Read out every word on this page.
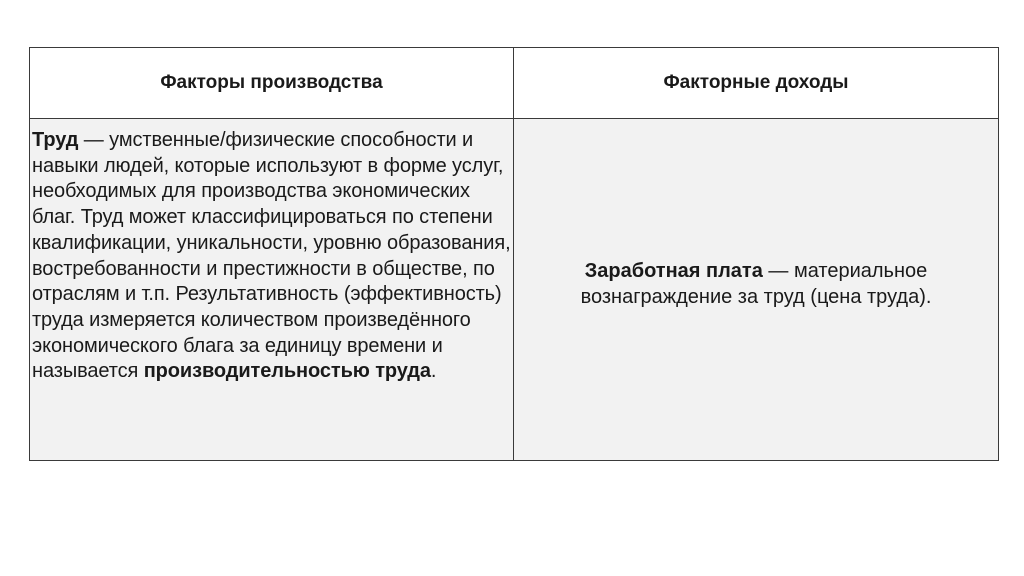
Факторы производства	Факторные доходы
Труд — умственные/физические способности и навыки людей, которые используют в форме услуг, необходимых для производства экономических благ. Труд может классифицироваться по степени квалификации, уникальности, уровню образования, востребованности и престижности в обществе, по отраслям и т.п. Результативность (эффективность) труда измеряется количеством произведённого экономического блага за единицу времени и называется производительностью труда.	Заработная плата — материальное вознаграждение за труд (цена труда).
